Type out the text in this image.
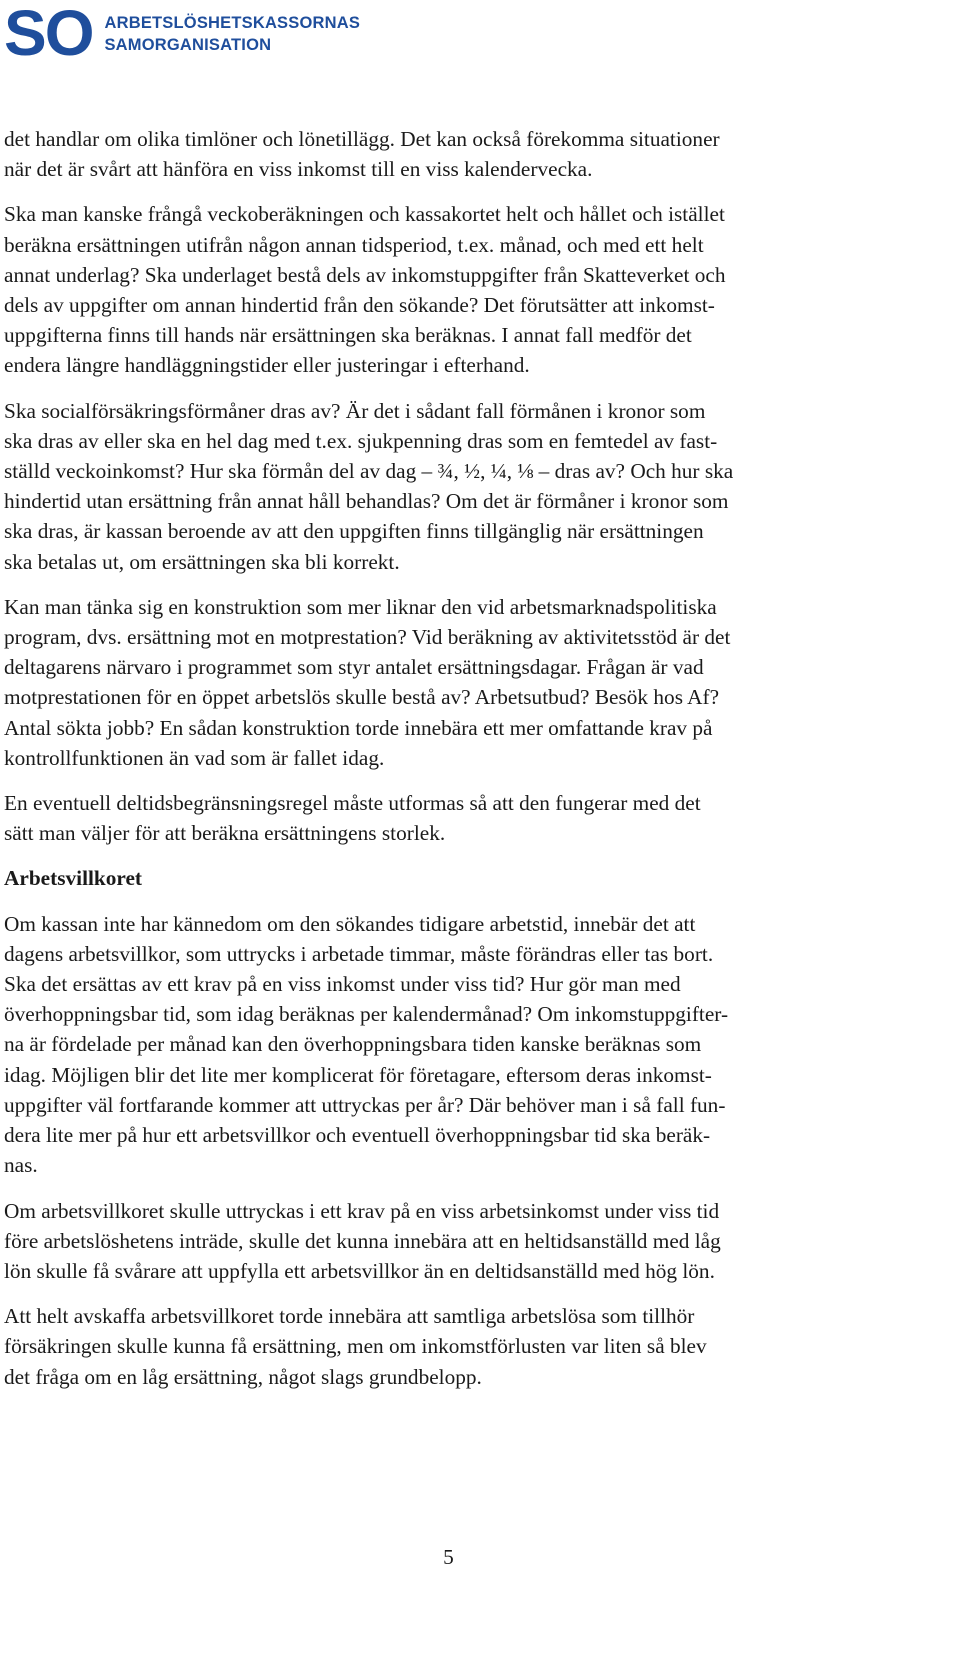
SO ARBETSLÖSHETSKASSORNAS
SAMORGANISATION
det handlar om olika timlöner och lönetillägg. Det kan också förekomma situationer
när det är svårt att hänföra en viss inkomst till en viss kalendervecka.
Ska man kanske frångå veckoberäkningen och kassakortet helt och hållet och istället
beräkna ersättningen utifrån någon annan tidsperiod, t.ex. månad, och med ett helt
annat underlag? Ska underlaget bestå dels av inkomstuppgifter från Skatteverket och
dels av uppgifter om annan hindertid från den sökande? Det förutsätter att inkomst-
uppgifterna finns till hands när ersättningen ska beräknas. I annat fall medför det
endera längre handläggningstider eller justeringar i efterhand.
Ska socialförsäkringsförmåner dras av? Är det i sådant fall förmånen i kronor som
ska dras av eller ska en hel dag med t.ex. sjukpenning dras som en femtedel av fast-
ställd veckoinkomst? Hur ska förmån del av dag – ¾, ½, ¼, ⅛ – dras av? Och hur ska
hindertid utan ersättning från annat håll behandlas? Om det är förmåner i kronor som
ska dras, är kassan beroende av att den uppgiften finns tillgänglig när ersättningen
ska betalas ut, om ersättningen ska bli korrekt.
Kan man tänka sig en konstruktion som mer liknar den vid arbetsmarknadspolitiska
program, dvs. ersättning mot en motprestation? Vid beräkning av aktivitetsstöd är det
deltagarens närvaro i programmet som styr antalet ersättningsdagar. Frågan är vad
motprestationen för en öppet arbetslös skulle bestå av? Arbetsutbud? Besök hos Af?
Antal sökta jobb? En sådan konstruktion torde innebära ett mer omfattande krav på
kontrollfunktionen än vad som är fallet idag.
En eventuell deltidsbegränsningsregel måste utformas så att den fungerar med det
sätt man väljer för att beräkna ersättningens storlek.
Arbetsvillkoret
Om kassan inte har kännedom om den sökandes tidigare arbetstid, innebär det att
dagens arbetsvillkor, som uttrycks i arbetade timmar, måste förändras eller tas bort.
Ska det ersättas av ett krav på en viss inkomst under viss tid? Hur gör man med
överhoppningsbar tid, som idag beräknas per kalendermånad? Om inkomstuppgifter-
na är fördelade per månad kan den överhoppningsbara tiden kanske beräknas som
idag. Möjligen blir det lite mer komplicerat för företagare, eftersom deras inkomst-
uppgifter väl fortfarande kommer att uttryckas per år? Där behöver man i så fall fun-
dera lite mer på hur ett arbetsvillkor och eventuell överhoppningsbar tid ska beräk-
nas.
Om arbetsvillkoret skulle uttryckas i ett krav på en viss arbetsinkomst under viss tid
före arbetslöshetens inträde, skulle det kunna innebära att en heltidsanställd med låg
lön skulle få svårare att uppfylla ett arbetsvillkor än en deltidsanställd med hög lön.
Att helt avskaffa arbetsvillkoret torde innebära att samtliga arbetslösa som tillhör
försäkringen skulle kunna få ersättning, men om inkomstförlusten var liten så blev
det fråga om en låg ersättning, något slags grundbelopp.
5
